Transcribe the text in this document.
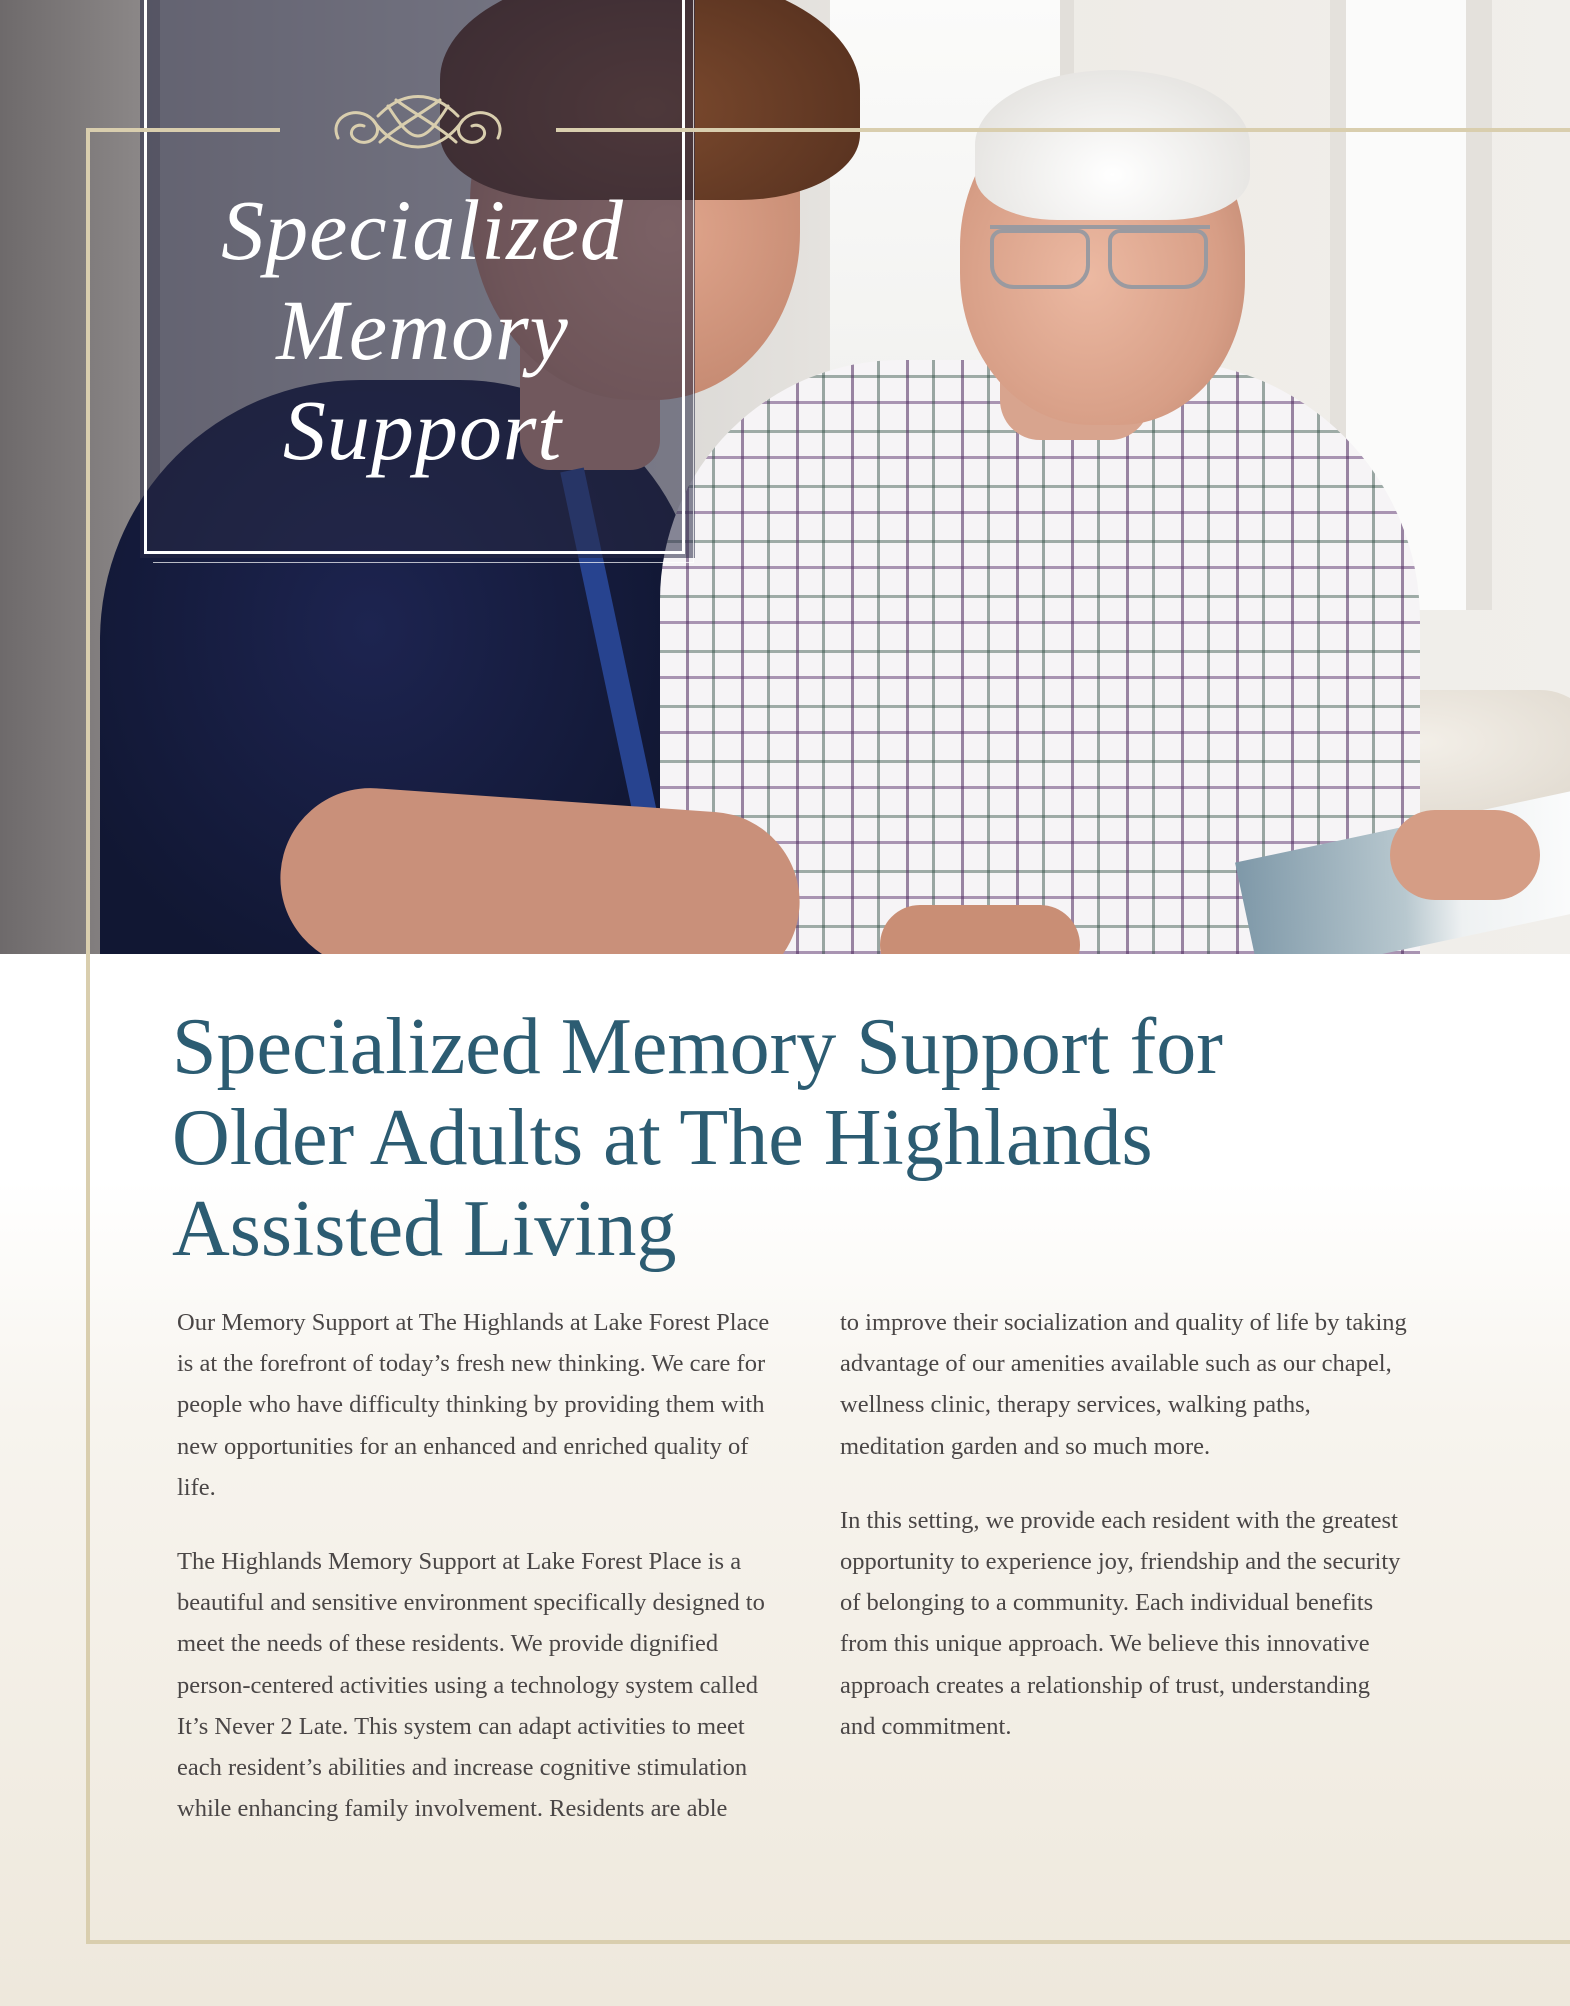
Specialized
Memory
Support
Specialized Memory Support for Older Adults at The Highlands Assisted Living

Our Memory Support at The Highlands at Lake Forest Place is at the forefront of today’s fresh new thinking. We care for people who have difficulty thinking by providing them with new opportunities for an enhanced and enriched quality of life.

The Highlands Memory Support at Lake Forest Place is a beautiful and sensitive environment specifically designed to meet the needs of these residents. We provide dignified person-centered activities using a technology system called It’s Never 2 Late. This system can adapt activities to meet each resident’s abilities and increase cognitive stimulation while enhancing family involvement. Residents are able

to improve their socialization and quality of life by taking advantage of our amenities available such as our chapel, wellness clinic, therapy services, walking paths, meditation garden and so much more.

In this setting, we provide each resident with the greatest opportunity to experience joy, friendship and the security of belonging to a community. Each individual benefits from this unique approach. We believe this innovative approach creates a relationship of trust, understanding and commitment.
